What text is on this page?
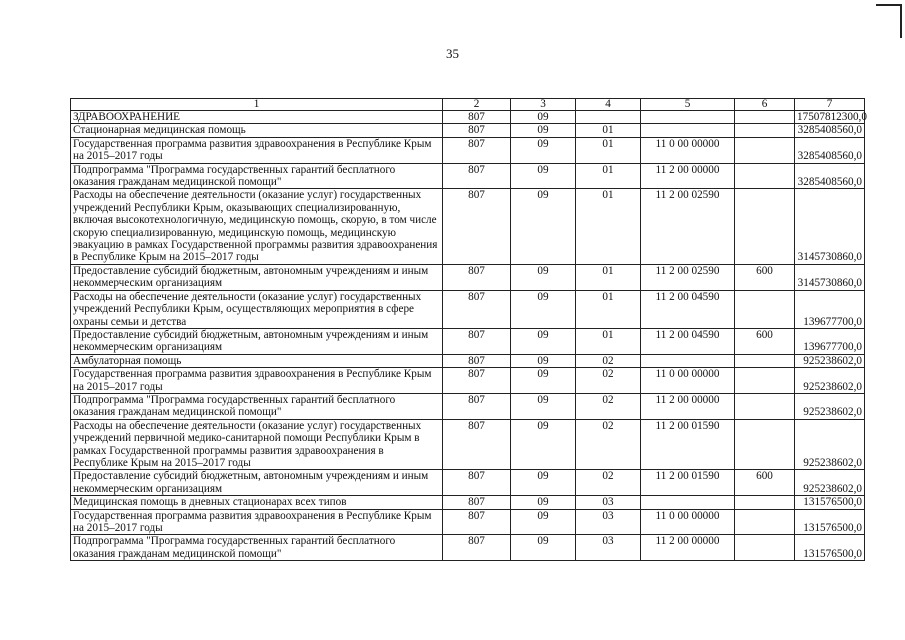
35
1	2	3	4	5	6	7
ЗДРАВООХРАНЕНИЕ	807	09				17507812300,0
Стационарная медицинская помощь	807	09	01			3285408560,0
Государственная программа развития здравоохранения в Республике Крым на 2015–2017 годы	807	09	01	11 0 00 00000		3285408560,0
Подпрограмма "Программа государственных гарантий бесплатного оказания гражданам медицинской помощи"	807	09	01	11 2 00 00000		3285408560,0
Расходы на обеспечение деятельности (оказание услуг) государственных учреждений Республики Крым, оказывающих специализированную, включая высокотехнологичную, медицинскую помощь, скорую, в том числе скорую специализированную, медицинскую помощь, медицинскую эвакуацию в рамках Государственной программы развития здравоохранения в Республике Крым на 2015–2017 годы	807	09	01	11 2 00 02590		3145730860,0
Предоставление субсидий бюджетным, автономным учреждениям и иным некоммерческим организациям	807	09	01	11 2 00 02590	600	3145730860,0
Расходы на обеспечение деятельности (оказание услуг) государственных учреждений Республики Крым, осуществляющих мероприятия в сфере охраны семьи и детства	807	09	01	11 2 00 04590		139677700,0
Предоставление субсидий бюджетным, автономным учреждениям и иным некоммерческим организациям	807	09	01	11 2 00 04590	600	139677700,0
Амбулаторная помощь	807	09	02			925238602,0
Государственная программа развития здравоохранения в Республике Крым на 2015–2017 годы	807	09	02	11 0 00 00000		925238602,0
Подпрограмма "Программа государственных гарантий бесплатного оказания гражданам медицинской помощи"	807	09	02	11 2 00 00000		925238602,0
Расходы на обеспечение деятельности (оказание услуг) государственных учреждений первичной медико-санитарной помощи Республики Крым в рамках Государственной программы развития здравоохранения в Республике Крым на 2015–2017 годы	807	09	02	11 2 00 01590		925238602,0
Предоставление субсидий бюджетным, автономным учреждениям и иным некоммерческим организациям	807	09	02	11 2 00 01590	600	925238602,0
Медицинская помощь в дневных стационарах всех типов	807	09	03			131576500,0
Государственная программа развития здравоохранения в Республике Крым на 2015–2017 годы	807	09	03	11 0 00 00000		131576500,0
Подпрограмма "Программа государственных гарантий бесплатного оказания гражданам медицинской помощи"	807	09	03	11 2 00 00000		131576500,0
